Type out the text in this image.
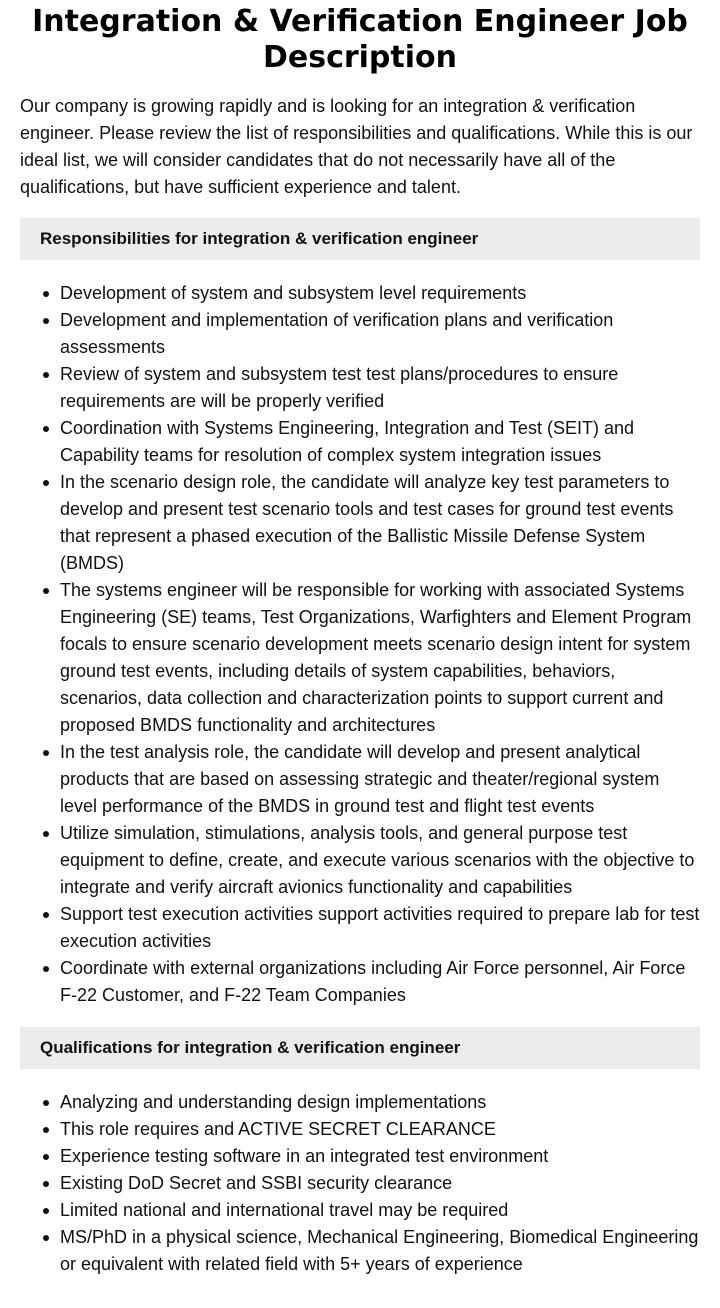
Integration & Verification Engineer Job Description

Our company is growing rapidly and is looking for an integration & verification engineer. Please review the list of responsibilities and qualifications. While this is our ideal list, we will consider candidates that do not necessarily have all of the qualifications, but have sufficient experience and talent.

Responsibilities for integration & verification engineer
Development of system and subsystem level requirements
Development and implementation of verification plans and verification assessments
Review of system and subsystem test test plans/procedures to ensure requirements are will be properly verified
Coordination with Systems Engineering, Integration and Test (SEIT) and Capability teams for resolution of complex system integration issues
In the scenario design role, the candidate will analyze key test parameters to develop and present test scenario tools and test cases for ground test events that represent a phased execution of the Ballistic Missile Defense System (BMDS)
The systems engineer will be responsible for working with associated Systems Engineering (SE) teams, Test Organizations, Warfighters and Element Program focals to ensure scenario development meets scenario design intent for system ground test events, including details of system capabilities, behaviors, scenarios, data collection and characterization points to support current and proposed BMDS functionality and architectures
In the test analysis role, the candidate will develop and present analytical products that are based on assessing strategic and theater/regional system level performance of the BMDS in ground test and flight test events
Utilize simulation, stimulations, analysis tools, and general purpose test equipment to define, create, and execute various scenarios with the objective to integrate and verify aircraft avionics functionality and capabilities
Support test execution activities support activities required to prepare lab for test execution activities
Coordinate with external organizations including Air Force personnel, Air Force F-22 Customer, and F-22 Team Companies
Qualifications for integration & verification engineer
Analyzing and understanding design implementations
This role requires and ACTIVE SECRET CLEARANCE
Experience testing software in an integrated test environment
Existing DoD Secret and SSBI security clearance
Limited national and international travel may be required
MS/PhD in a physical science, Mechanical Engineering, Biomedical Engineering or equivalent with related field with 5+ years of experience
